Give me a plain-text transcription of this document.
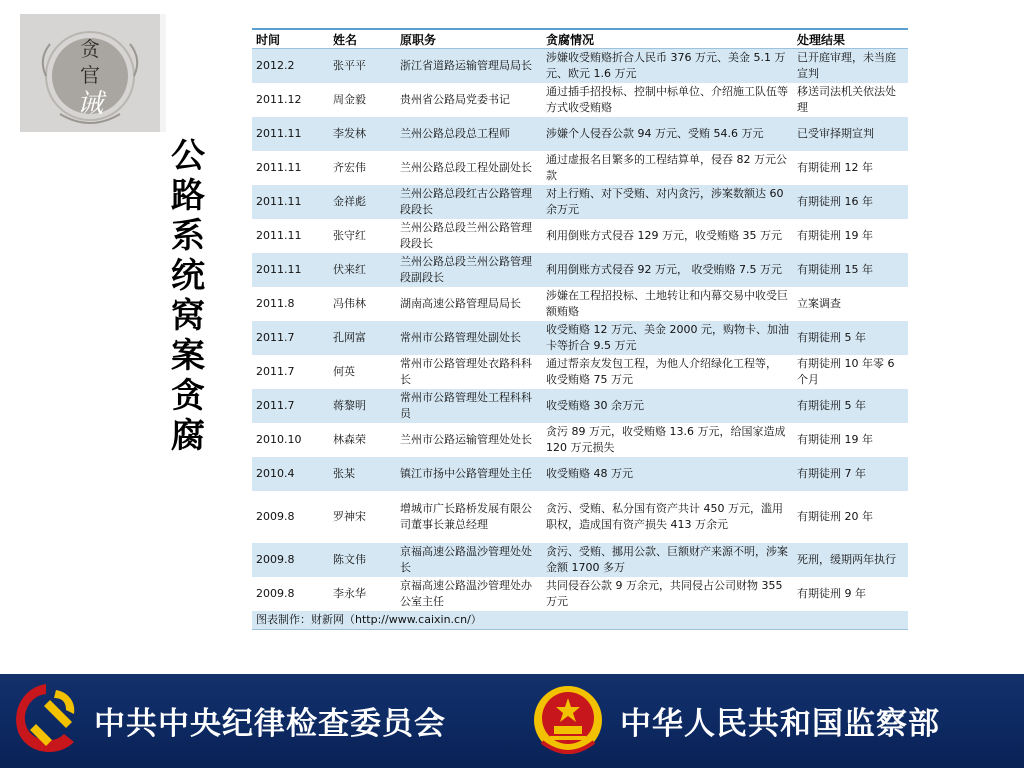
贪
官
诫
公
路
系
统
窝
案
贪
腐
时间	姓名	原职务	贪腐情况	处理结果
2012.2	张平平	浙江省道路运输管理局局长	涉嫌收受贿赂折合人民币 376 万元、美金 5.1 万元、欧元 1.6 万元	已开庭审理，未当庭宣判
2011.12	周金毅	贵州省公路局党委书记	通过插手招投标、控制中标单位、介绍施工队伍等方式收受贿赂	移送司法机关依法处理
2011.11	李发林	兰州公路总段总工程师	涉嫌个人侵吞公款 94 万元、受贿 54.6 万元	已受审择期宣判
2011.11	齐宏伟	兰州公路总段工程处副处长	通过虚报名目繁多的工程结算单，侵吞 82 万元公款	有期徒刑 12 年
2011.11	金祥彪	兰州公路总段红古公路管理段段长	对上行贿、对下受贿、对内贪污，涉案数额达 60 余万元	有期徒刑 16 年
2011.11	张守红	兰州公路总段兰州公路管理段段长	利用倒账方式侵吞 129 万元，收受贿赂 35 万元	有期徒刑 19 年
2011.11	伏来红	兰州公路总段兰州公路管理段副段长	利用倒账方式侵吞 92 万元， 收受贿赂 7.5 万元	有期徒刑 15 年
2011.8	冯伟林	湖南高速公路管理局局长	涉嫌在工程招投标、土地转让和内幕交易中收受巨额贿赂	立案调查
2011.7	孔网富	常州市公路管理处副处长	收受贿赂 12 万元、美金 2000 元，购物卡、加油卡等折合 9.5 万元	有期徒刑 5 年
2011.7	何英	常州市公路管理处衣路科科长	通过帮亲友发包工程，为他人介绍绿化工程等， 收受贿赂 75 万元	有期徒刑 10 年零 6 个月
2011.7	蒋黎明	常州市公路管理处工程科科员	收受贿赂 30 余万元	有期徒刑 5 年
2010.10	林森荣	兰州市公路运输管理处处长	贪污 89 万元，收受贿赂 13.6 万元，给国家造成 120 万元损失	有期徒刑 19 年
2010.4	张某	镇江市扬中公路管理处主任	收受贿赂 48 万元	有期徒刑 7 年
2009.8	罗神宋	增城市广长路桥发展有限公司董事长兼总经理	贪污、受贿、私分国有资产共计 450 万元，滥用职权，造成国有资产损失 413 万余元	有期徒刑 20 年
2009.8	陈文伟	京福高速公路温沙管理处处长	贪污、受贿、挪用公款、巨额财产来源不明，涉案金额 1700 多万	死刑，缓期两年执行
2009.8	李永华	京福高速公路温沙管理处办公室主任	共同侵吞公款 9 万余元，共同侵占公司财物 355 万元	有期徒刑 9 年
图表制作：财新网（http://www.caixin.cn/）
中共中央纪律检查委员会	中华人民共和国监察部
